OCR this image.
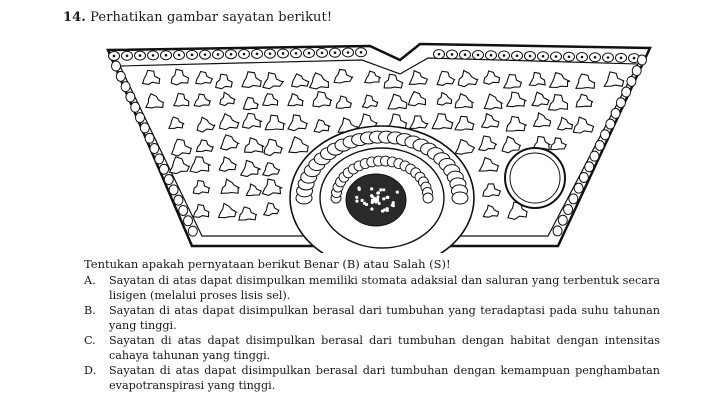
14. Perhatikan gambar sayatan berikut!
Tentukan apakah pernyataan berikut Benar (B) atau Salah (S)!
A.	Sayatan di atas dapat disimpulkan memiliki stomata adaksial dan saluran yang terbentuk secara lisigen (melalui proses lisis sel).
B.	Sayatan di atas dapat disimpulkan berasal dari tumbuhan yang teradaptasi pada suhu tahunan yang tinggi.
C.	Sayatan di atas dapat disimpulkan berasal dari tumbuhan dengan habitat dengan intensitas cahaya tahunan yang tinggi.
D.	Sayatan di atas dapat disimpulkan berasal dari tumbuhan dengan kemampuan penghambatan evapotranspirasi yang tinggi.
